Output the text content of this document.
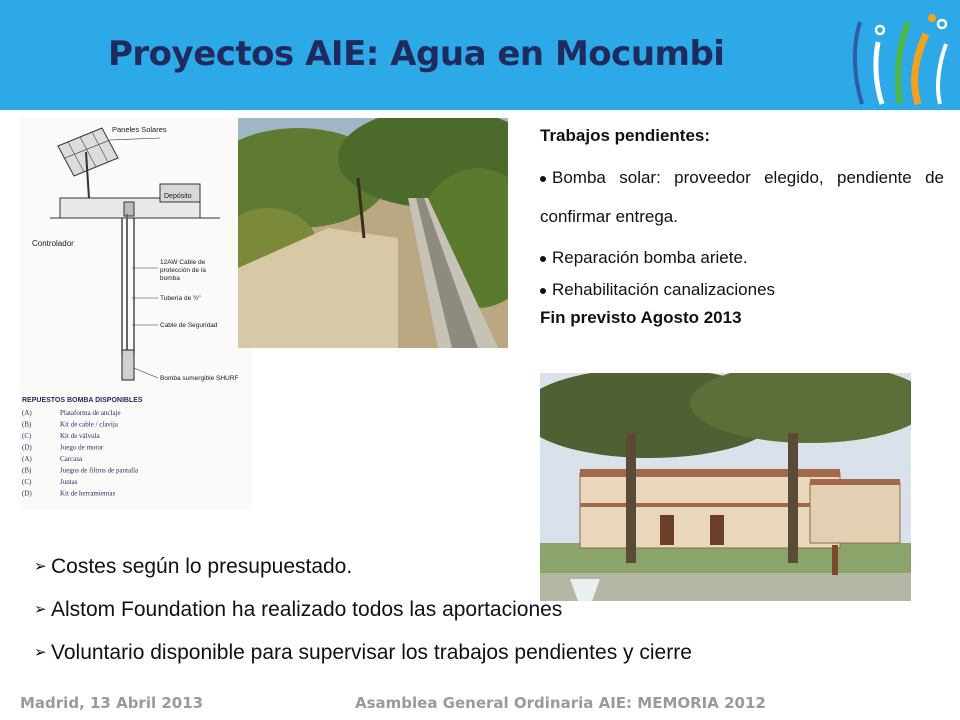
Proyectos AIE: Agua en Mocumbi
Paneles Solares
Depósito
Controlador
12AW Cable de
protección de la
bomba
Tubería de ½"
Cable de Seguridad
Bomba sumergible SHURF
REPUESTOS BOMBA DISPONIBLES
(A)	Plataforma de anclaje
(B)	Kit de cable / clavija
(C)	Kit de válvula
(D)	Juego de motor
(A)	Carcasa
(B)	Juegos de filtros de pantalla
(C)	Juntas
(D)	Kit de herramientas
Trabajos pendientes:
Bomba solar: proveedor elegido, pendiente de confirmar entrega.
Reparación bomba ariete.
Rehabilitación canalizaciones
Fin previsto Agosto 2013
➢ Costes según lo presupuestado.
➢ Alstom Foundation ha realizado todos las aportaciones
➢ Voluntario disponible para supervisar los trabajos pendientes y cierre
Madrid, 13 Abril 2013	Asamblea General Ordinaria AIE: MEMORIA 2012
